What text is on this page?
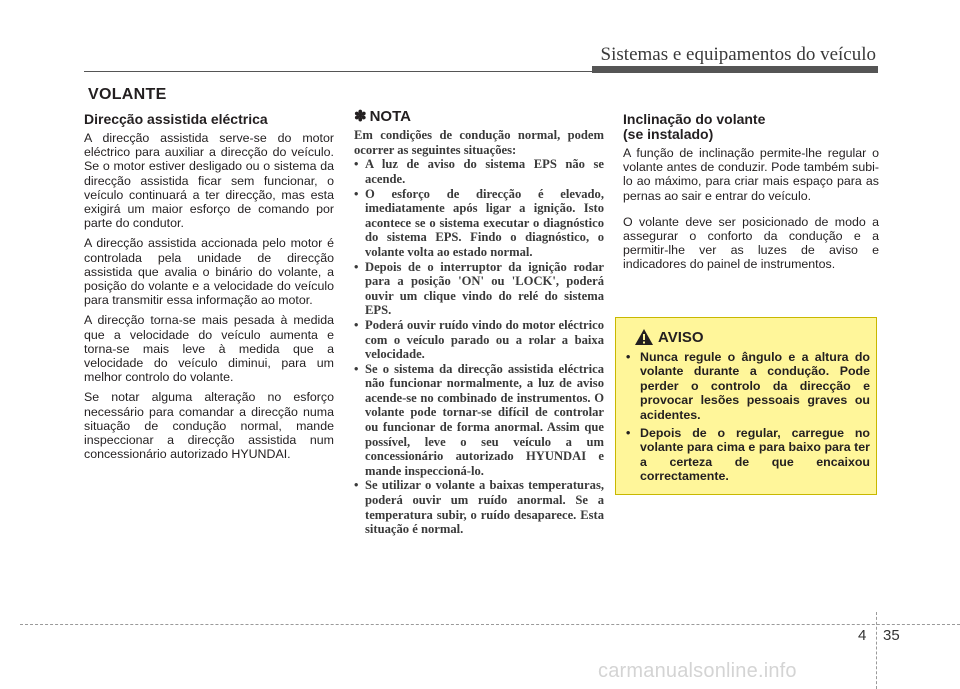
Sistemas e equipamentos do veículo
VOLANTE
Direcção assistida eléctrica

A direcção assistida serve-se do motor eléctrico para auxiliar a direcção do veículo. Se o motor estiver desligado ou o sistema da direcção assistida ficar sem funcionar, o veículo continuará a ter direcção, mas esta exigirá um maior esforço de comando por parte do condutor.

A direcção assistida accionada pelo motor é controlada pela unidade de direcção assistida que avalia o binário do volante, a posição do volante e a velocidade do veículo para transmitir essa informação ao motor.

A direcção torna-se mais pesada à medida que a velocidade do veículo aumenta e torna-se mais leve à medida que a velocidade do veículo diminui, para um melhor controlo do volante.

Se notar alguma alteração no esforço necessário para comandar a direcção numa situação de condução normal, mande inspeccionar a direcção assistida num concessionário autorizado HYUNDAI.

✽ NOTA

Em condições de condução normal, podem ocorrer as seguintes situações:

• A luz de aviso do sistema EPS não se acende.
• O esforço de direcção é elevado, imediatamente após ligar a ignição. Isto acontece se o sistema executar o diagnóstico do sistema EPS. Findo o diagnóstico, o volante volta ao estado normal.
• Depois de o interruptor da ignição rodar para a posição 'ON' ou 'LOCK', poderá ouvir um clique vindo do relé do sistema EPS.
• Poderá ouvir ruído vindo do motor eléctrico com o veículo parado ou a rolar a baixa velocidade.
• Se o sistema da direcção assistida eléctrica não funcionar normalmente, a luz de aviso acende-se no combinado de instrumentos. O volante pode tornar-se difícil de controlar ou funcionar de forma anormal. Assim que possível, leve o seu veículo a um concessionário autorizado HYUNDAI e mande inspeccioná-lo.
• Se utilizar o volante a baixas temperaturas, poderá ouvir um ruído anormal. Se a temperatura subir, o ruído desaparece. Esta situação é normal.
Inclinação do volante
(se instalado)

A função de inclinação permite-lhe regular o volante antes de conduzir. Pode também subi-lo ao máximo, para criar mais espaço para as pernas ao sair e entrar do veículo.

O volante deve ser posicionado de modo a assegurar o conforto da condução e a permitir-lhe ver as luzes de aviso e indicadores do painel de instrumentos.

AVISO
• Nunca regule o ângulo e a altura do volante durante a condução. Pode perder o controlo da direcção e provocar lesões pessoais graves ou acidentes.
• Depois de o regular, carregue no volante para cima e para baixo para ter a certeza de que encaixou correctamente.
4 35
carmanualsonline.info
